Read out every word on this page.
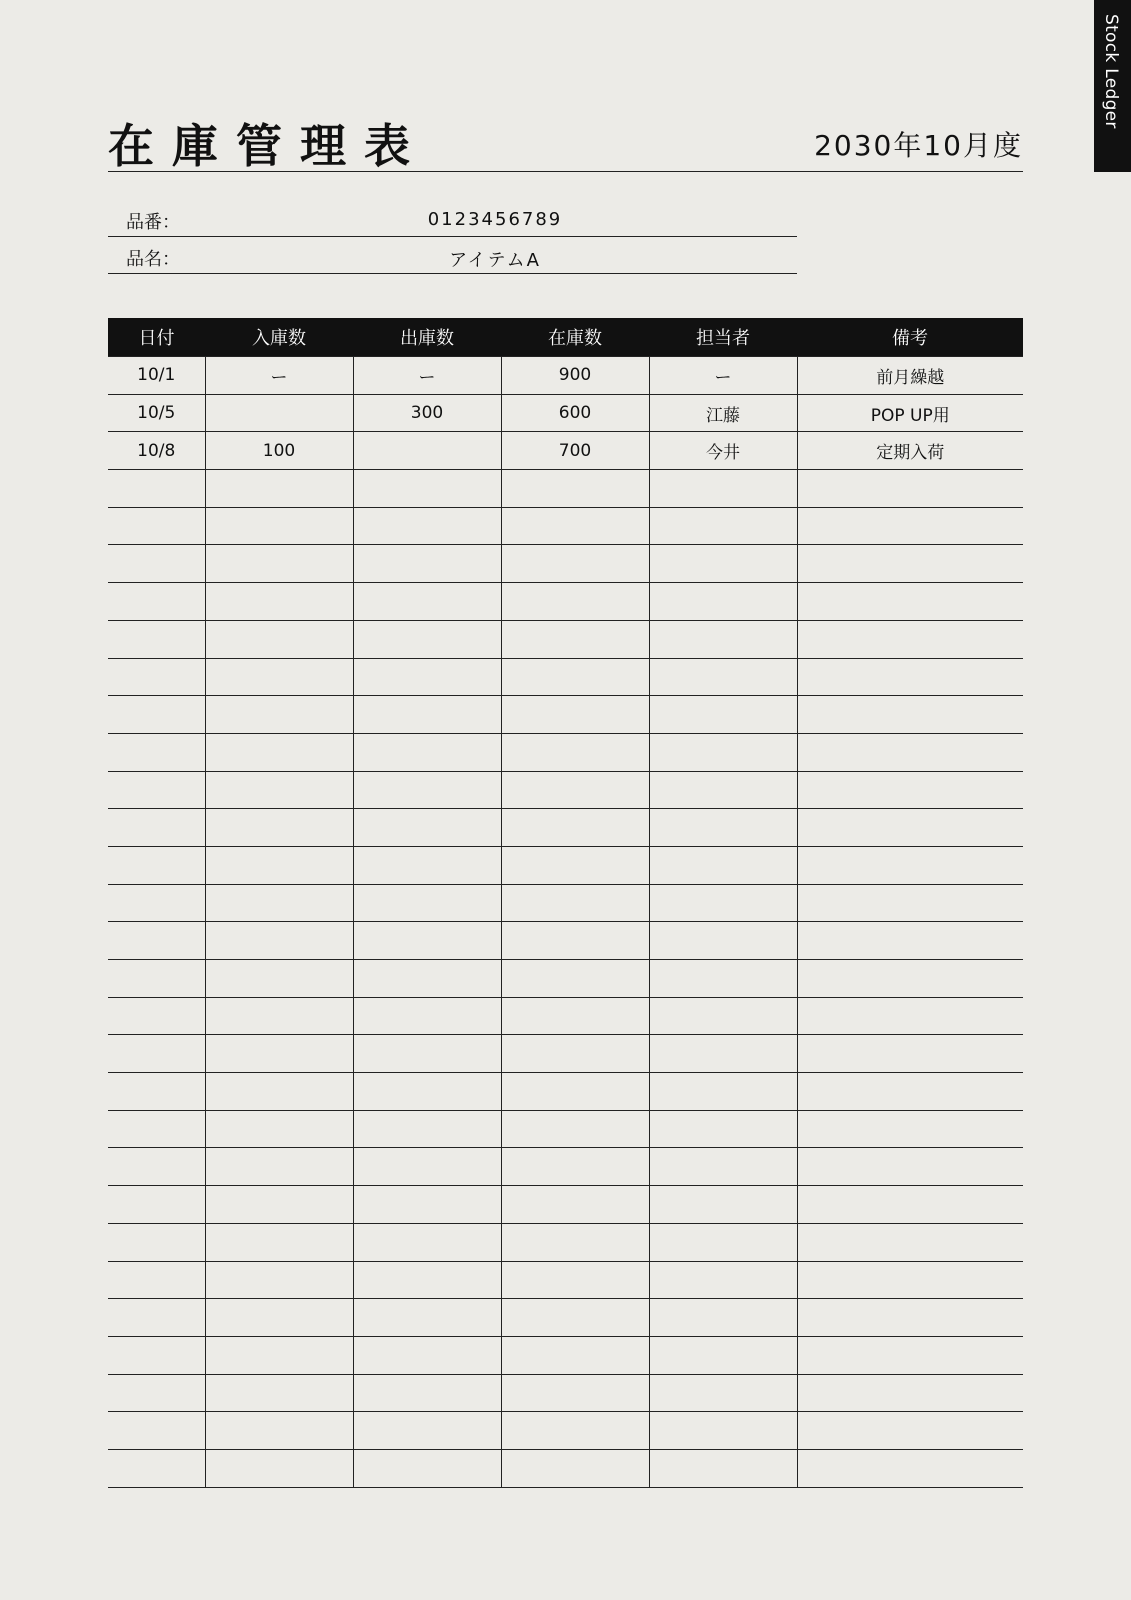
Stock Ledger
在庫管理表	2030年10月度
品番：	0123456789
品名：	アイテムA
日付	入庫数	出庫数	在庫数	担当者	備考
10/1	ー	ー	900	ー	前月繰越
10/5		300	600	江藤	POP UP用
10/8	100		700	今井	定期入荷
